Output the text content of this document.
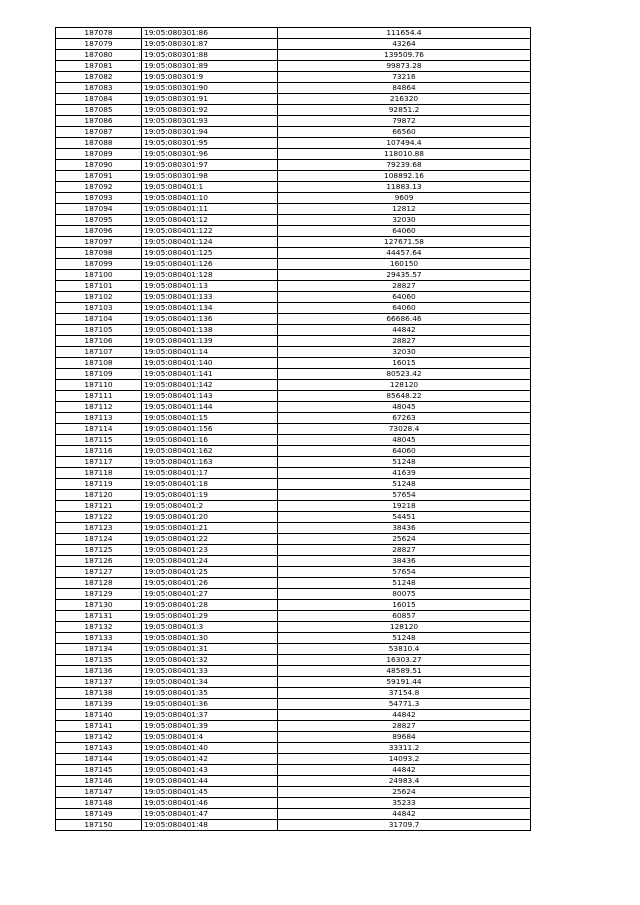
187078	19:05:080301:86	111654.4
187079	19:05:080301:87	43264
187080	19:05:080301:88	139509.76
187081	19:05:080301:89	99873.28
187082	19:05:080301:9	73216
187083	19:05:080301:90	84864
187084	19:05:080301:91	216320
187085	19:05:080301:92	92851.2
187086	19:05:080301:93	79872
187087	19:05:080301:94	66560
187088	19:05:080301:95	107494.4
187089	19:05:080301:96	118010.88
187090	19:05:080301:97	79239.68
187091	19:05:080301:98	108892.16
187092	19:05:080401:1	11883.13
187093	19:05:080401:10	9609
187094	19:05:080401:11	12812
187095	19:05:080401:12	32030
187096	19:05:080401:122	64060
187097	19:05:080401:124	127671.58
187098	19:05:080401:125	44457.64
187099	19:05:080401:126	160150
187100	19:05:080401:128	29435.57
187101	19:05:080401:13	28827
187102	19:05:080401:133	64060
187103	19:05:080401:134	64060
187104	19:05:080401:136	66686.46
187105	19:05:080401:138	44842
187106	19:05:080401:139	28827
187107	19:05:080401:14	32030
187108	19:05:080401:140	16015
187109	19:05:080401:141	80523.42
187110	19:05:080401:142	128120
187111	19:05:080401:143	85648.22
187112	19:05:080401:144	48045
187113	19:05:080401:15	67263
187114	19:05:080401:156	73028.4
187115	19:05:080401:16	48045
187116	19:05:080401:162	64060
187117	19:05:080401:163	51248
187118	19:05:080401:17	41639
187119	19:05:080401:18	51248
187120	19:05:080401:19	57654
187121	19:05:080401:2	19218
187122	19:05:080401:20	54451
187123	19:05:080401:21	38436
187124	19:05:080401:22	25624
187125	19:05:080401:23	28827
187126	19:05:080401:24	38436
187127	19:05:080401:25	57654
187128	19:05:080401:26	51248
187129	19:05:080401:27	80075
187130	19:05:080401:28	16015
187131	19:05:080401:29	60857
187132	19:05:080401:3	128120
187133	19:05:080401:30	51248
187134	19:05:080401:31	53810.4
187135	19:05:080401:32	16303.27
187136	19:05:080401:33	48589.51
187137	19:05:080401:34	59191.44
187138	19:05:080401:35	37154.8
187139	19:05:080401:36	54771.3
187140	19:05:080401:37	44842
187141	19:05:080401:39	28827
187142	19:05:080401:4	89684
187143	19:05:080401:40	33311.2
187144	19:05:080401:42	14093.2
187145	19:05:080401:43	44842
187146	19:05:080401:44	24983.4
187147	19:05:080401:45	25624
187148	19:05:080401:46	35233
187149	19:05:080401:47	44842
187150	19:05:080401:48	31709.7
